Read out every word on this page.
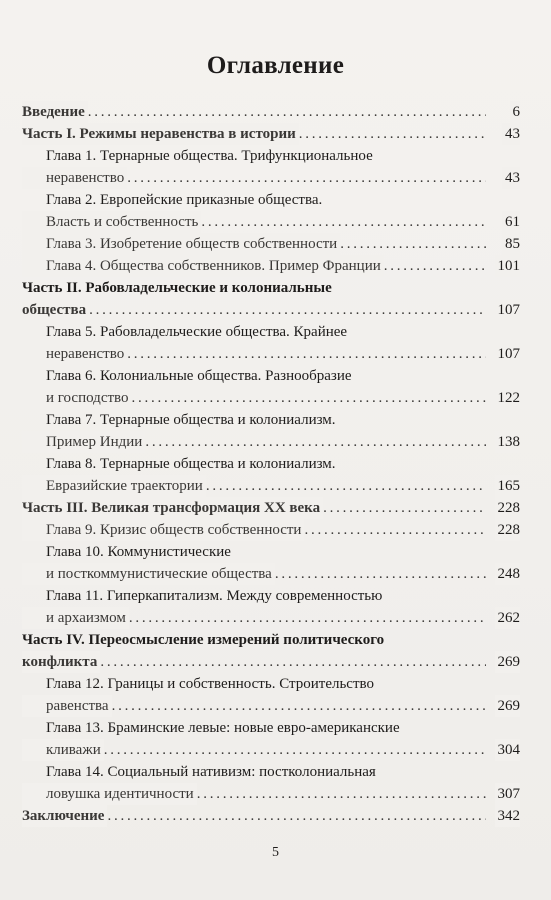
Оглавление
Введение . . .	6
Часть I. Режимы неравенства в истории . . .	43
Глава 1. Тернарные общества. Трифункциональное
неравенство . . .	43
Глава 2. Европейские приказные общества.
Власть и собственность . . .	61
Глава 3. Изобретение обществ собственности . . .	85
Глава 4. Общества собственников. Пример Франции . . .	101
Часть II. Рабовладельческие и колониальные
общества . . .	107
Глава 5. Рабовладельческие общества. Крайнее
неравенство . . .	107
Глава 6. Колониальные общества. Разнообразие
и господство . . .	122
Глава 7. Тернарные общества и колониализм.
Пример Индии . . .	138
Глава 8. Тернарные общества и колониализм.
Евразийские траектории . . .	165
Часть III. Великая трансформация XX века . . .	228
Глава 9. Кризис обществ собственности . . .	228
Глава 10. Коммунистические
и посткоммунистические общества . . .	248
Глава 11. Гиперкапитализм. Между современностью
и архаизмом . . .	262
Часть IV. Переосмысление измерений политического
конфликта . . .	269
Глава 12. Границы и собственность. Строительство
равенства . . .	269
Глава 13. Браминские левые: новые евро-американские
кливажи . . .	304
Глава 14. Социальный нативизм: постколониальная
ловушка идентичности . . .	307
Заключение . . .	342
5
